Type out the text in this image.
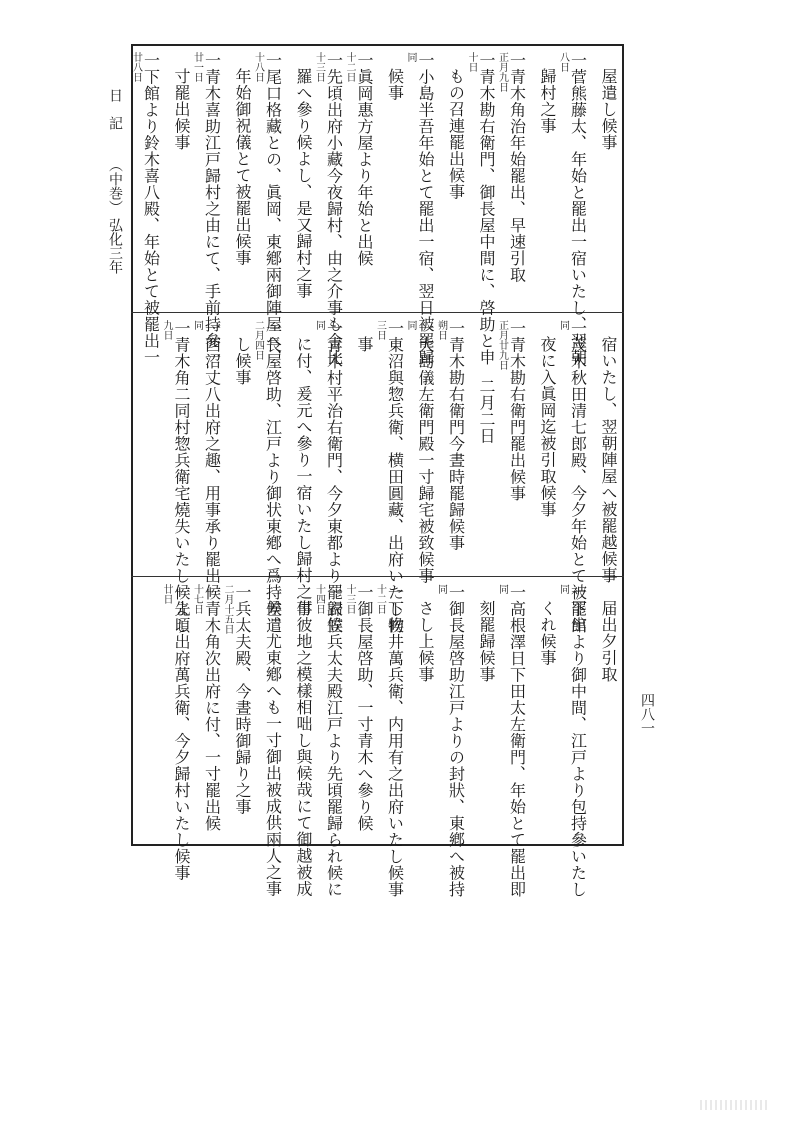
屋遣し候事
八日 一菅熊藤太、年始と罷出一宿いたし、翌朝
歸村之事
正月九日 一青木角治年始罷出、早速引取
十日 一青木勘右衛門、御長屋中間に、啓助と申
もの召連罷出候事
同 一小島半吾年始とて罷出一宿、翌日被罷歸
候事
十二日 一眞岡惠方屋より年始と出候
十三日 一先頃出府小藏今夜歸村、由之介事も金比
羅へ參り候よし、是又歸村之事
十八日 一尾口格藏との、眞岡、東鄕兩御陣屋へ、
年始御祝儀とて被罷出候事
廿一日 一青木喜助江戸歸村之由にて、手前持參一
寸罷出候事
廿八日 一下館より鈴木喜八殿、年始とて被罷出一
宿いたし、翌朝陣屋へ被罷越候事
同 一茂木秋田清七郎殿、今夕年始とて被罷出
夜に入眞岡迄被引取候事
正月廿九日 一青木勘右衛門罷出候事
二月二日
朔日 一青木勘右衛門今晝時罷歸候事
同 一大島儀左衛門殿一寸歸宅被致候事
三日 一東沼與惣兵衛、横田圓藏、出府いたし候
事
同 一青木村平治右衛門、今夕東都より罷歸候
に付、爰元へ參り一宿いたし歸村之事
二月四日 一長屋啓助、江戸より御状東鄕へ爲持差遣
し候事
同 一西沼丈八出府之趣、用事承り罷出候
九日 一青木角二同村惣兵衛宅燒失いたし候よし
届出夕引取
同 一下館より御中間、江戸より包持參いたし
くれ候事
同 一高根澤日下田太左衛門、年始とて罷出即
刻罷歸候事
同 一御長屋啓助江戸よりの封狀、東鄕へ被持
さし上候事
十二日 一下物井萬兵衛、内用有之出府いたし候事
十三日 一御長屋啓助、一寸青木へ參り候
十四日 一衣笠兵太夫殿江戸より先頃罷歸られ候に
付彼地之模樣相咄し與候哉にて御越被成
候、尤東鄕へも一寸御出被成供兩人之事
二月十五日 一兵太夫殿、今晝時御歸り之事
十七日 一青木角次出府に付、一寸罷出候
廿日 一先頃出府萬兵衛、今夕歸村いたし候事
日　記
（中巻）
弘化三年
四八一
